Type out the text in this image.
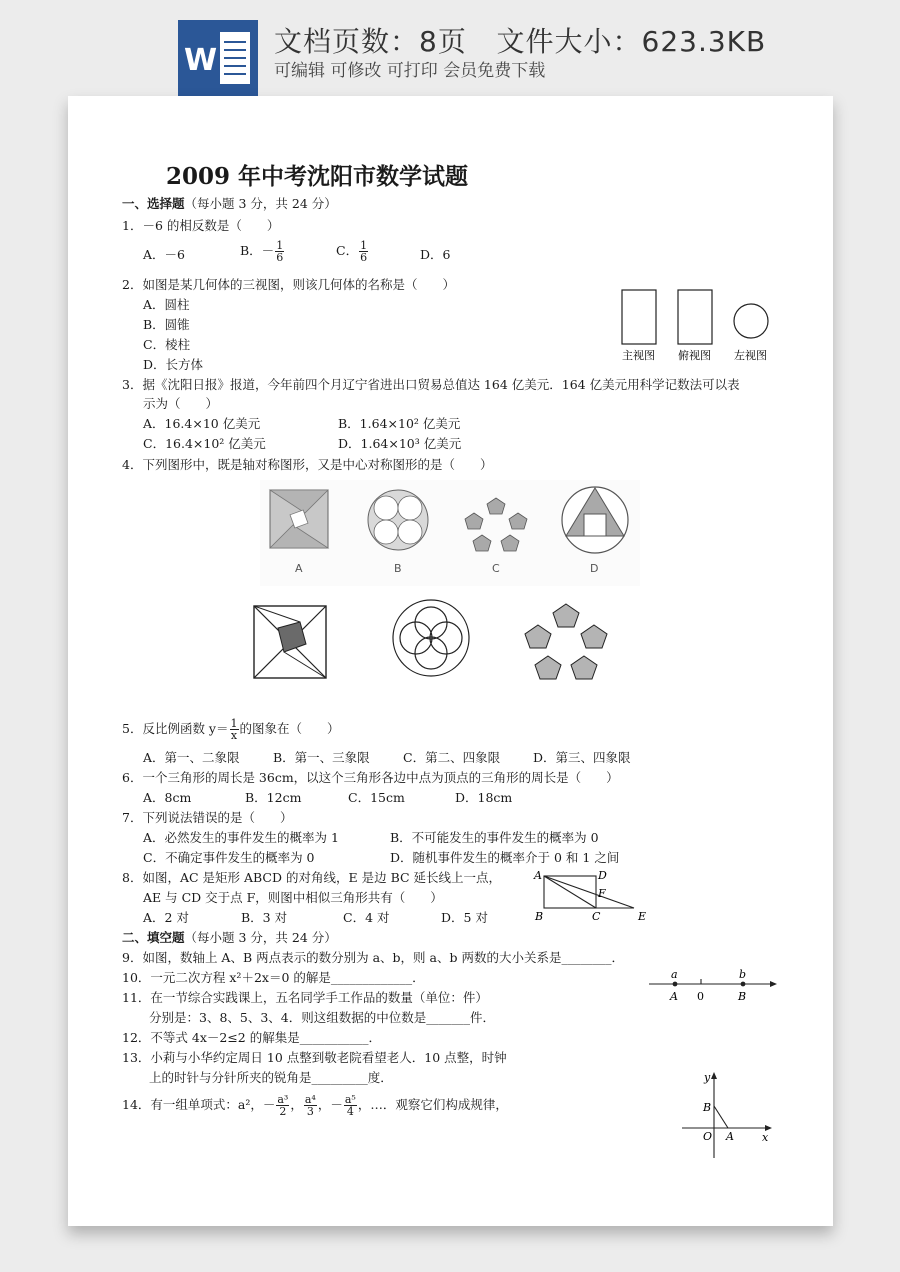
W
文档页数：8页   文件大小：623.3KB
可编辑 可修改 可打印 会员免费下载
2009 年中考沈阳市数学试题
一、选择题（每小题 3 分，共 24 分）
1．－6 的相反数是（　　）
A．－6	B．－ $\frac{1}{6}$	C． $\frac{1}{6}$	D．6
2．如图是某几何体的三视图，则该几何体的名称是（　　）
A．圆柱
B．圆锥
C．棱柱
D．长方体
主视图 俯视图 左视图
3．据《沈阳日报》报道，今年前四个月辽宁省进出口贸易总值达 164 亿美元．164 亿美元用科学记数法可以表
示为（　　）
A．16.4×10 亿美元	B．1.64×10² 亿美元
C．16.4×10² 亿美元	D．1.64×10³ 亿美元
4．下列图形中，既是轴对称图形，又是中心对称图形的是（　　）
A	B	C	D
5．反比例函数 $y= \frac{1}{x}$ 的图象在（　　）
A．第一、二象限	B．第一、三象限	C．第二、四象限	D．第三、四象限
6．一个三角形的周长是 36cm，以这个三角形各边中点为顶点的三角形的周长是（　　）
A．8cm	B．12cm	C．15cm	D．18cm
7．下列说法错误的是（　　）
A．必然发生的事件发生的概率为 1	B．不可能发生的事件发生的概率为 0
C．不确定事件发生的概率为 0	D．随机事件发生的概率介于 0 和 1 之间
8．如图，AC 是矩形 ABCD 的对角线，E 是边 BC 延长线上一点，
AE 与 CD 交于点 F，则图中相似三角形共有（　　）
A．2 对	B．3 对	C．4 对	D．5 对
A	D
F
B	C	E
二、填空题（每小题 3 分，共 24 分）
9．如图，数轴上 A、B 两点表示的数分别为 a、b，则 a、b 两数的大小关系是________．
10．一元二次方程 x²＋2x＝0 的解是_____________．	a	b
A 0	B
11．在一节综合实践课上，五名同学手工作品的数量（单位：件）
分别是：3、8、5、3、4．则这组数据的中位数是_______件．
12．不等式 4x－2≤2 的解集是___________．
13．小莉与小华约定周日 10 点整到敬老院看望老人．10 点整，时钟
上的时针与分针所夹的锐角是_________度．
14．有一组单项式：a²，－ $\frac{\text{a³}}{2}$ ， $\frac{\text{a⁴}}{3}$ ，－ $\frac{\text{a⁵}}{4}$ ，…．观察它们构成规律，
y
x
O A
B
